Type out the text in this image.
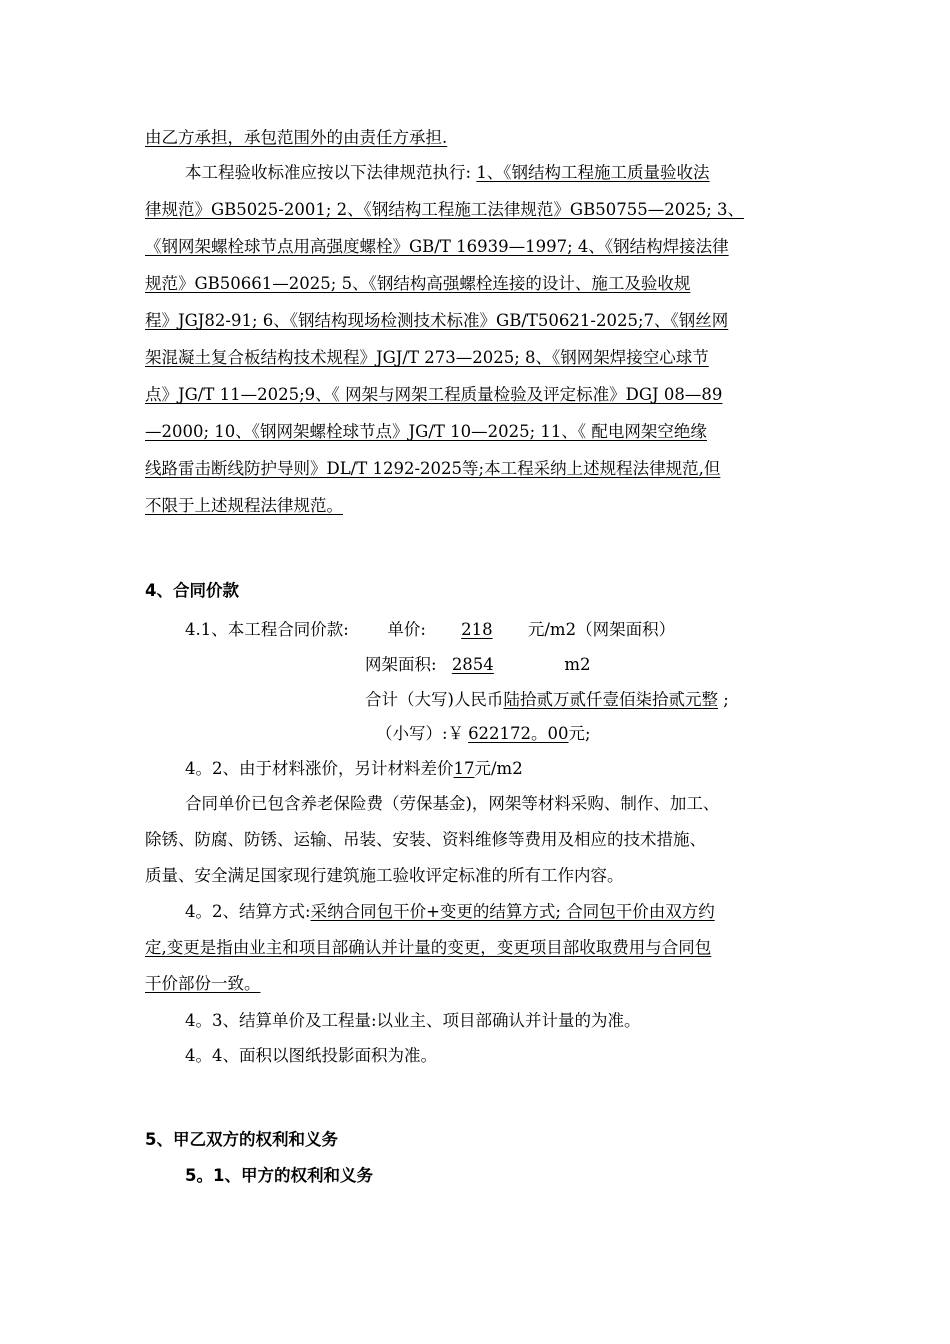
由乙方承担，承包范围外的由责任方承担.
本工程验收标准应按以下法律规范执行: 1、《钢结构工程施工质量验收法
律规范》GB5025-2001; 2、《钢结构工程施工法律规范》GB50755—2025; 3、
《钢网架螺栓球节点用高强度螺栓》GB/T 16939—1997; 4、《钢结构焊接法律
规范》GB50661—2025; 5、《钢结构高强螺栓连接的设计、施工及验收规
程》JGJ82-91; 6、《钢结构现场检测技术标准》GB/T50621-2025;7、《钢丝网
架混凝土复合板结构技术规程》JGJ/T 273—2025; 8、《钢网架焊接空心球节
点》JG/T 11—2025;9、《 网架与网架工程质量检验及评定标准》DGJ 08—89
—2000; 10、《钢网架螺栓球节点》JG/T 10—2025; 11、《 配电网架空绝缘
线路雷击断线防护导则》DL/T 1292-2025等;本工程采纳上述规程法律规范,但
不限于上述规程法律规范。
4、合同价款
4.1、本工程合同价款: 单价: 218 元/m2（网架面积）
网架面积: 2854	m2
合计（大写)人民币陆拾贰万贰仟壹佰柒拾贰元整 ;
（小写）:￥ 622172。00元;
4。2、由于材料涨价，另计材料差价17元/m2
合同单价已包含养老保险费（劳保基金)，网架等材料采购、制作、加工、
除锈、防腐、防锈、运输、吊装、安装、资料维修等费用及相应的技术措施、
质量、安全满足国家现行建筑施工验收评定标准的所有工作内容。
4。2、结算方式:采纳合同包干价+变更的结算方式; 合同包干价由双方约
定,变更是指由业主和项目部确认并计量的变更，变更项目部收取费用与合同包
干价部份一致。
4。3、结算单价及工程量:以业主、项目部确认并计量的为准。
4。4、面积以图纸投影面积为准。
5、甲乙双方的权利和义务
5。1、甲方的权利和义务
